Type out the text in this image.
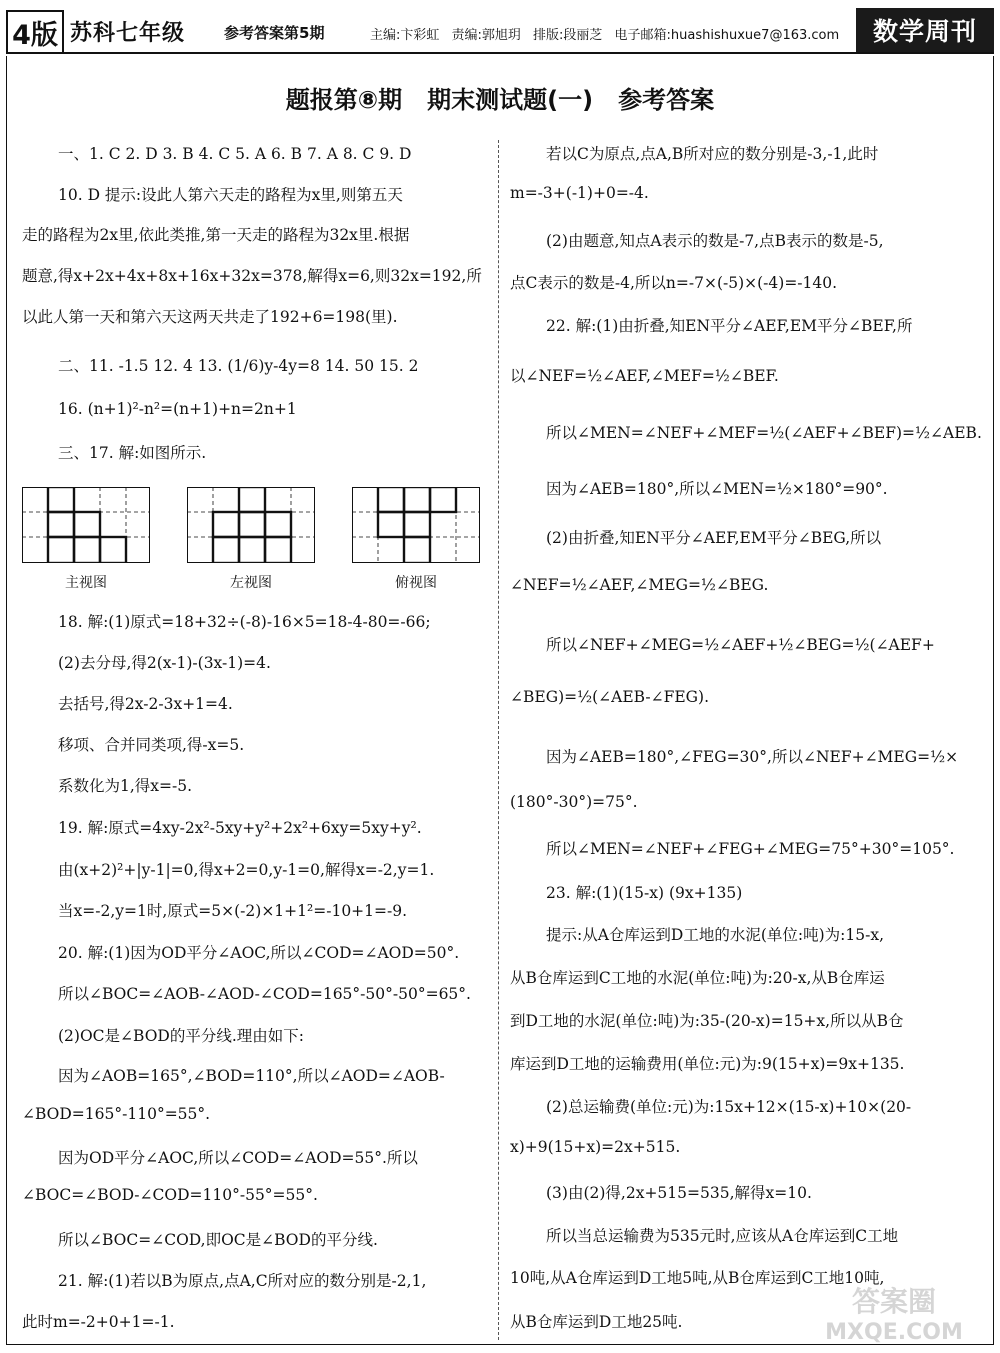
4版 苏科七年级	参考答案第5期	主编:卞彩虹 责编:郭旭玥 排版:段丽芝 电子邮箱:huashishuxue7@163.com	数学周刊
题报第⑧期   期末测试题(一)   参考答案
一、1. C 2. D 3. B 4. C 5. A 6. B 7. A 8. C 9. D
10. D 提示:设此人第六天走的路程为x里,则第五天
走的路程为2x里,依此类推,第一天走的路程为32x里.根据
题意,得x+2x+4x+8x+16x+32x=378,解得x=6,则32x=192,所
以此人第一天和第六天这两天共走了192+6=198(里).
二、11. -1.5 12. 4 13. (1/6)y-4y=8 14. 50 15. 2
16. (n+1)²-n²=(n+1)+n=2n+1
三、17. 解:如图所示.
18. 解:(1)原式=18+32÷(-8)-16×5=18-4-80=-66;
(2)去分母,得2(x-1)-(3x-1)=4.
去括号,得2x-2-3x+1=4.
移项、合并同类项,得-x=5.
系数化为1,得x=-5.
19. 解:原式=4xy-2x²-5xy+y²+2x²+6xy=5xy+y².
由(x+2)²+|y-1|=0,得x+2=0,y-1=0,解得x=-2,y=1.
当x=-2,y=1时,原式=5×(-2)×1+1²=-10+1=-9.
20. 解:(1)因为OD平分∠AOC,所以∠COD=∠AOD=50°.
所以∠BOC=∠AOB-∠AOD-∠COD=165°-50°-50°=65°.
(2)OC是∠BOD的平分线.理由如下:
因为∠AOB=165°,∠BOD=110°,所以∠AOD=∠AOB-
∠BOD=165°-110°=55°.
因为OD平分∠AOC,所以∠COD=∠AOD=55°.所以
∠BOC=∠BOD-∠COD=110°-55°=55°.
所以∠BOC=∠COD,即OC是∠BOD的平分线.
21. 解:(1)若以B为原点,点A,C所对应的数分别是-2,1,
此时m=-2+0+1=-1.
若以C为原点,点A,B所对应的数分别是-3,-1,此时
m=-3+(-1)+0=-4.
(2)由题意,知点A表示的数是-7,点B表示的数是-5,
点C表示的数是-4,所以n=-7×(-5)×(-4)=-140.
22. 解:(1)由折叠,知EN平分∠AEF,EM平分∠BEF,所
以∠NEF=½∠AEF,∠MEF=½∠BEF.
所以∠MEN=∠NEF+∠MEF=½(∠AEF+∠BEF)=½∠AEB.
因为∠AEB=180°,所以∠MEN=½×180°=90°.
(2)由折叠,知EN平分∠AEF,EM平分∠BEG,所以
∠NEF=½∠AEF,∠MEG=½∠BEG.
所以∠NEF+∠MEG=½∠AEF+½∠BEG=½(∠AEF+
∠BEG)=½(∠AEB-∠FEG).
因为∠AEB=180°,∠FEG=30°,所以∠NEF+∠MEG=½×
(180°-30°)=75°.
所以∠MEN=∠NEF+∠FEG+∠MEG=75°+30°=105°.
23. 解:(1)(15-x) (9x+135)
提示:从A仓库运到D工地的水泥(单位:吨)为:15-x,
从B仓库运到C工地的水泥(单位:吨)为:20-x,从B仓库运
到D工地的水泥(单位:吨)为:35-(20-x)=15+x,所以从B仓
库运到D工地的运输费用(单位:元)为:9(15+x)=9x+135.
(2)总运输费(单位:元)为:15x+12×(15-x)+10×(20-
x)+9(15+x)=2x+515.
(3)由(2)得,2x+515=535,解得x=10.
所以当总运输费为535元时,应该从A仓库运到C工地
10吨,从A仓库运到D工地5吨,从B仓库运到C工地10吨,
从B仓库运到D工地25吨.
主视图	左视图	俯视图
答案圈
MXQE.COM
